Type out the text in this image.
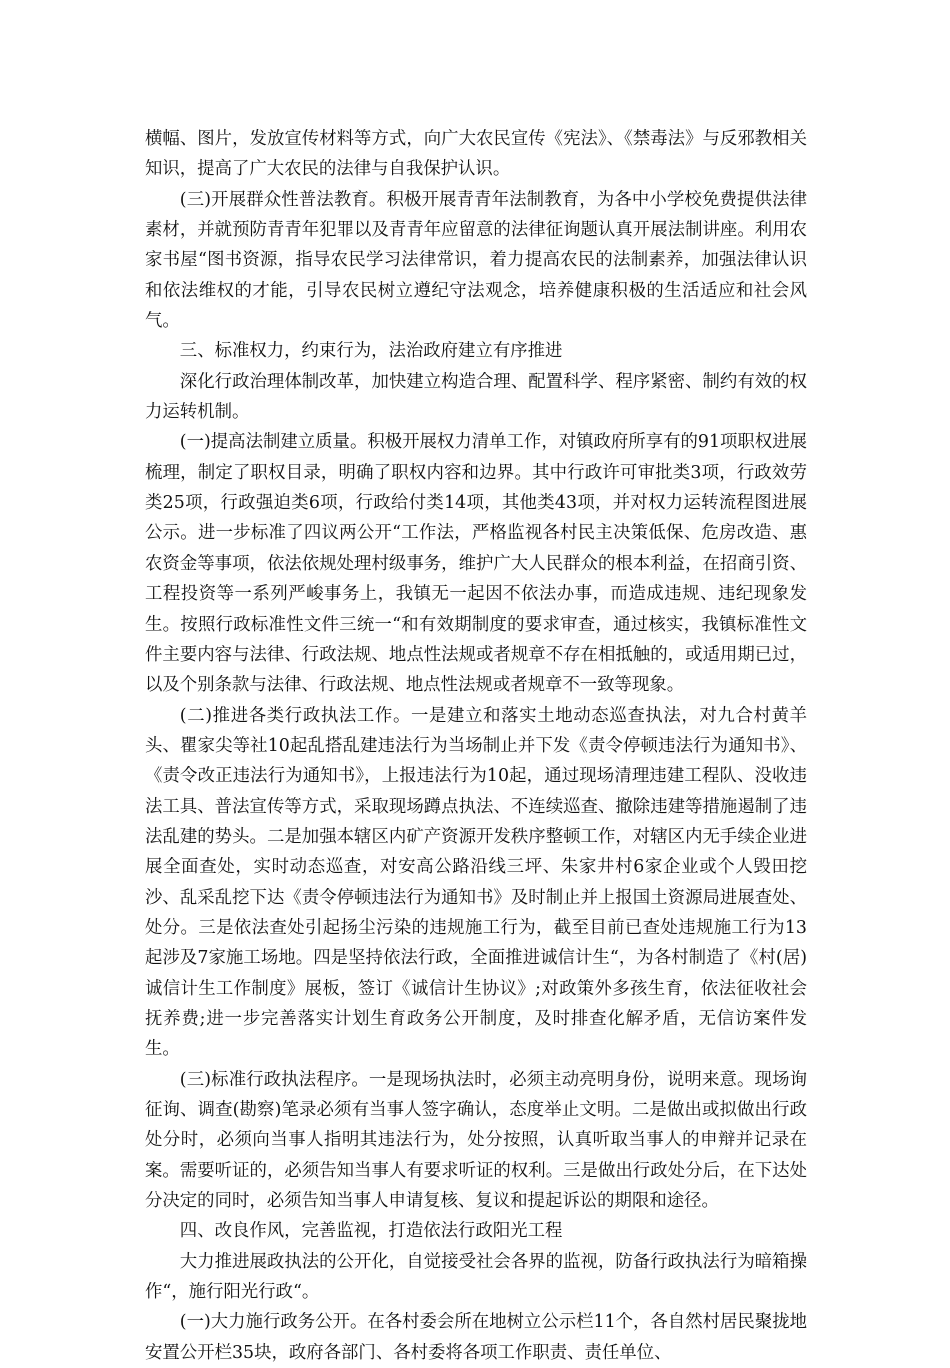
横幅、图片，发放宣传材料等方式，向广大农民宣传《宪法》、《禁毒法》与反邪教相关知识，提高了广大农民的法律与自我保护认识。

(三)开展群众性普法教育。积极开展青青年法制教育，为各中小学校免费提供法律素材，并就预防青青年犯罪以及青青年应留意的法律征询题认真开展法制讲座。利用农家书屋“图书资源，指导农民学习法律常识，着力提高农民的法制素养，加强法律认识和依法维权的才能，引导农民树立遵纪守法观念，培养健康积极的生活适应和社会风气。

三、标准权力，约束行为，法治政府建立有序推进

深化行政治理体制改革，加快建立构造合理、配置科学、程序紧密、制约有效的权力运转机制。

(一)提高法制建立质量。积极开展权力清单工作，对镇政府所享有的91项职权进展梳理，制定了职权目录，明确了职权内容和边界。其中行政许可审批类3项，行政效劳类25项，行政强迫类6项，行政给付类14项，其他类43项，并对权力运转流程图进展公示。进一步标准了四议两公开“工作法，严格监视各村民主决策低保、危房改造、惠农资金等事项，依法依规处理村级事务，维护广大人民群众的根本利益，在招商引资、工程投资等一系列严峻事务上，我镇无一起因不依法办事，而造成违规、违纪现象发生。按照行政标准性文件三统一“和有效期制度的要求审查，通过核实，我镇标准性文件主要内容与法律、行政法规、地点性法规或者规章不存在相抵触的，或适用期已过，以及个别条款与法律、行政法规、地点性法规或者规章不一致等现象。

(二)推进各类行政执法工作。一是建立和落实土地动态巡查执法，对九合村黄羊头、瞿家尖等社10起乱搭乱建违法行为当场制止并下发《责令停顿违法行为通知书》、《责令改正违法行为通知书》，上报违法行为10起，通过现场清理违建工程队、没收违法工具、普法宣传等方式，采取现场蹲点执法、不连续巡查、撤除违建等措施遏制了违法乱建的势头。二是加强本辖区内矿产资源开发秩序整顿工作，对辖区内无手续企业进展全面查处，实时动态巡查，对安高公路沿线三坪、朱家井村6家企业或个人毁田挖沙、乱采乱挖下达《责令停顿违法行为通知书》及时制止并上报国土资源局进展查处、处分。三是依法查处引起扬尘污染的违规施工行为，截至目前已查处违规施工行为13起涉及7家施工场地。四是坚持依法行政，全面推进诚信计生“，为各村制造了《村(居)诚信计生工作制度》展板，签订《诚信计生协议》;对政策外多孩生育，依法征收社会抚养费;进一步完善落实计划生育政务公开制度，及时排查化解矛盾，无信访案件发生。

(三)标准行政执法程序。一是现场执法时，必须主动亮明身份，说明来意。现场询征询、调查(勘察)笔录必须有当事人签字确认，态度举止文明。二是做出或拟做出行政处分时，必须向当事人指明其违法行为，处分按照，认真听取当事人的申辩并记录在案。需要听证的，必须告知当事人有要求听证的权利。三是做出行政处分后，在下达处分决定的同时，必须告知当事人申请复核、复议和提起诉讼的期限和途径。

四、改良作风，完善监视，打造依法行政阳光工程

大力推进展政执法的公开化，自觉接受社会各界的监视，防备行政执法行为暗箱操作“，施行阳光行政“。

(一)大力施行政务公开。在各村委会所在地树立公示栏11个，各自然村居民聚拢地安置公开栏35块，政府各部门、各村委将各项工作职责、责任单位、
